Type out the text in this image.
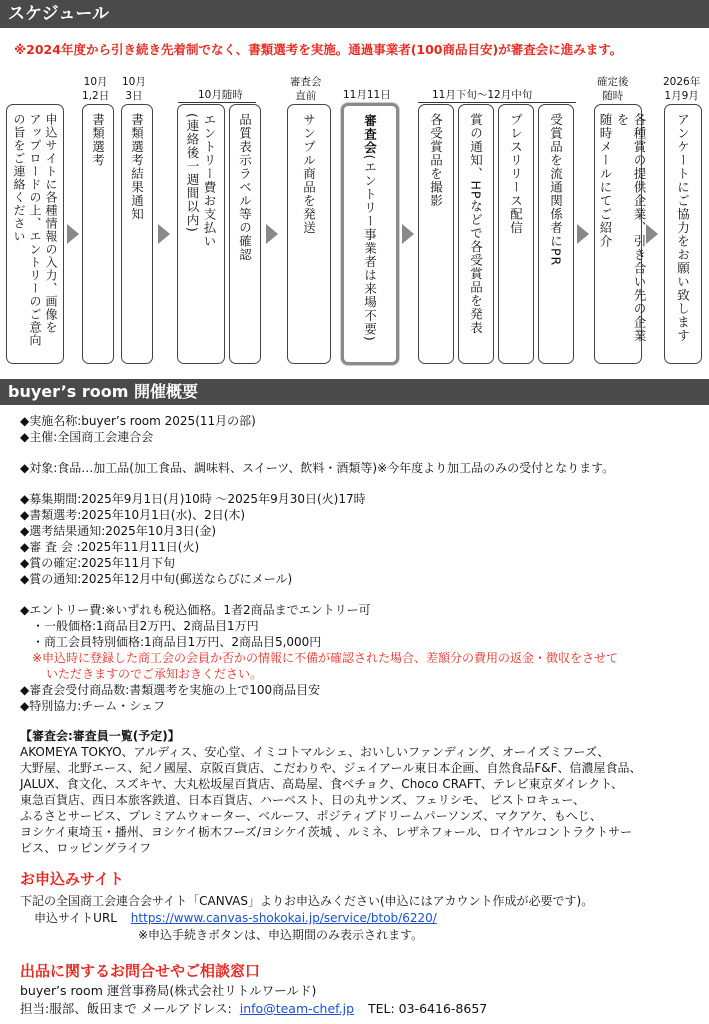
スケジュール
※2024年度から引き続き先着制でなく、書類選考を実施。通過事業者(100商品目安)が審査会に進みます。
10月
1,2日
10月
3日	10月随時
審査会
直前	11月11日	11月下旬〜12月中旬
確定後
随時
2026年
1月9月
申込サイトに各種情報の入力、画像を
アップロードの上、エントリーのご意向
の旨をご連絡ください	書類選考 書類選考結果通知	エントリー費お支払い
(連絡後一週間以内)	品質表示ラベル等の確認	サンプル商品を発送	審査会(エントリー事業者は来場不要)	各受賞品を撮影 賞の通知、HPなどで各受賞品を発表 プレスリリース配信 受賞品を流通関係者にPR	各種賞の提供企業、引き合い先の企業を
随時メールにてご紹介	アンケートにご協力をお願い致します
buyer’s room 開催概要
◆実施名称:buyer’s room 2025(11月の部)
◆主催:全国商工会連合会
◆対象:食品…加工品(加工食品、調味料、スイーツ、飲料・酒類等)※今年度より加工品のみの受付となります。
◆募集期間:2025年9月1日(月)10時 〜2025年9月30日(火)17時
◆書類選考:2025年10月1日(水)、2日(木)
◆選考結果通知:2025年10月3日(金)
◆審 査 会 :2025年11月11日(火)
◆賞の確定:2025年11月下旬
◆賞の通知:2025年12月中旬(郵送ならびにメール)
◆エントリー費:※いずれも税込価格。1者2商品までエントリー可
・一般価格:1商品目2万円、2商品目1万円
・商工会員特別価格:1商品目1万円、2商品目5,000円
※申込時に登録した商工会の会員か否かの情報に不備が確認された場合、差額分の費用の返金・徴収をさせて
いただきますのでご承知おきください。
◆審査会受付商品数:書類選考を実施の上で100商品目安
◆特別協力:チーム・シェフ
【審査会:審査員一覧(予定)】
AKOMEYA TOKYO、アルディス、安心堂、イミコトマルシェ、おいしいファンディング、オーイズミフーズ、
大野屋、北野エース、紀ノ國屋、京阪百貨店、こだわりや、ジェイアール東日本企画、自然食品F&F、信濃屋食品、
JALUX、食文化、スズキヤ、大丸松坂屋百貨店、高島屋、食べチョク、Choco CRAFT、テレビ東京ダイレクト、
東急百貨店、西日本旅客鉄道、日本百貨店、ハーベスト、日の丸サンズ、フェリシモ、 ピストロキュー、
ふるさとサービス、プレミアムウォーター、ベルーフ、ポジティブドリームパーソンズ、マクアケ、もへじ、
ヨシケイ東埼玉・播州、ヨシケイ栃木フーズ/ヨシケイ茨城 、ルミネ、レザネフォール、ロイヤルコントラクトサー
ビス、ロッピングライフ
お申込みサイト
下記の全国商工会連合会サイト「CANVAS」よりお申込みください(申込にはアカウント作成が必要です)。
申込サイトURL https://www.canvas-shokokai.jp/service/btob/6220/
※申込手続きボタンは、申込期間のみ表示されます。
出品に関するお問合せやご相談窓口
buyer’s room 運営事務局(株式会社リトルワールド)
担当:服部、飯田まで メールアドレス: info@team-chef.jp TEL: 03-6416-8657
